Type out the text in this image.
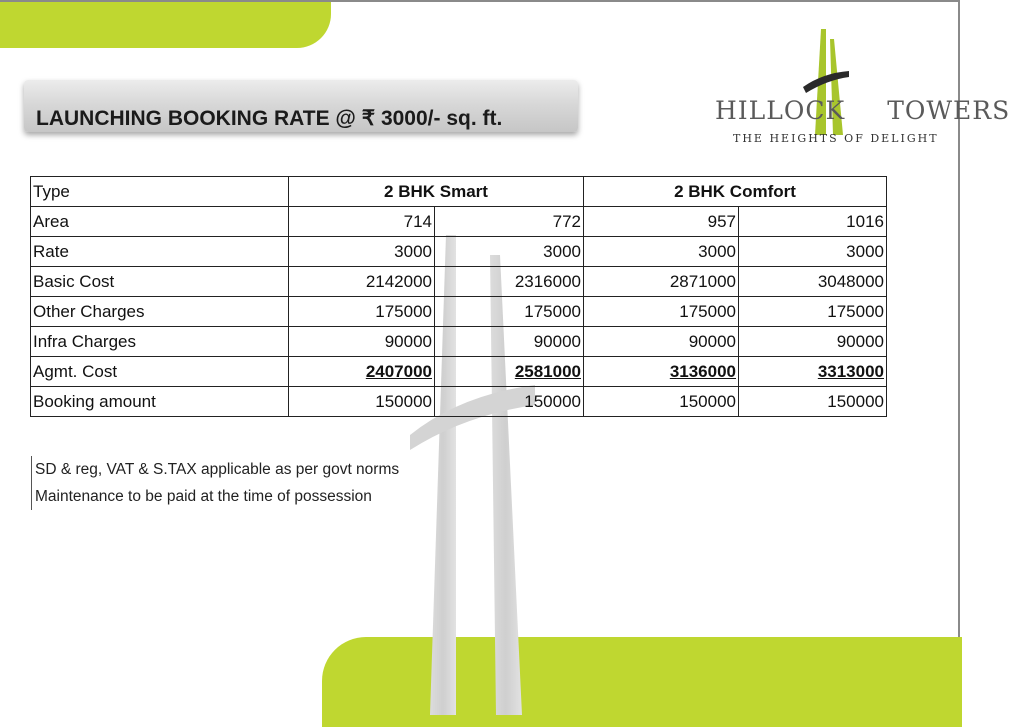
LAUNCHING BOOKING RATE @ ₹ 3000/- sq. ft.	HILLOCK TOWERS
THE HEIGHTS OF DELIGHT
Type	2 BHK Smart		2 BHK Comfort	
Area	714	772	957	1016
Rate	3000	3000	3000	3000
Basic Cost	2142000	2316000	2871000	3048000
Other Charges	175000	175000	175000	175000
Infra Charges	90000	90000	90000	90000
Agmt. Cost	2407000	2581000	3136000	3313000
Booking amount	150000	150000	150000	150000
SD & reg, VAT & S.TAX applicable as per govt norms
Maintenance to be paid at the time of possession
